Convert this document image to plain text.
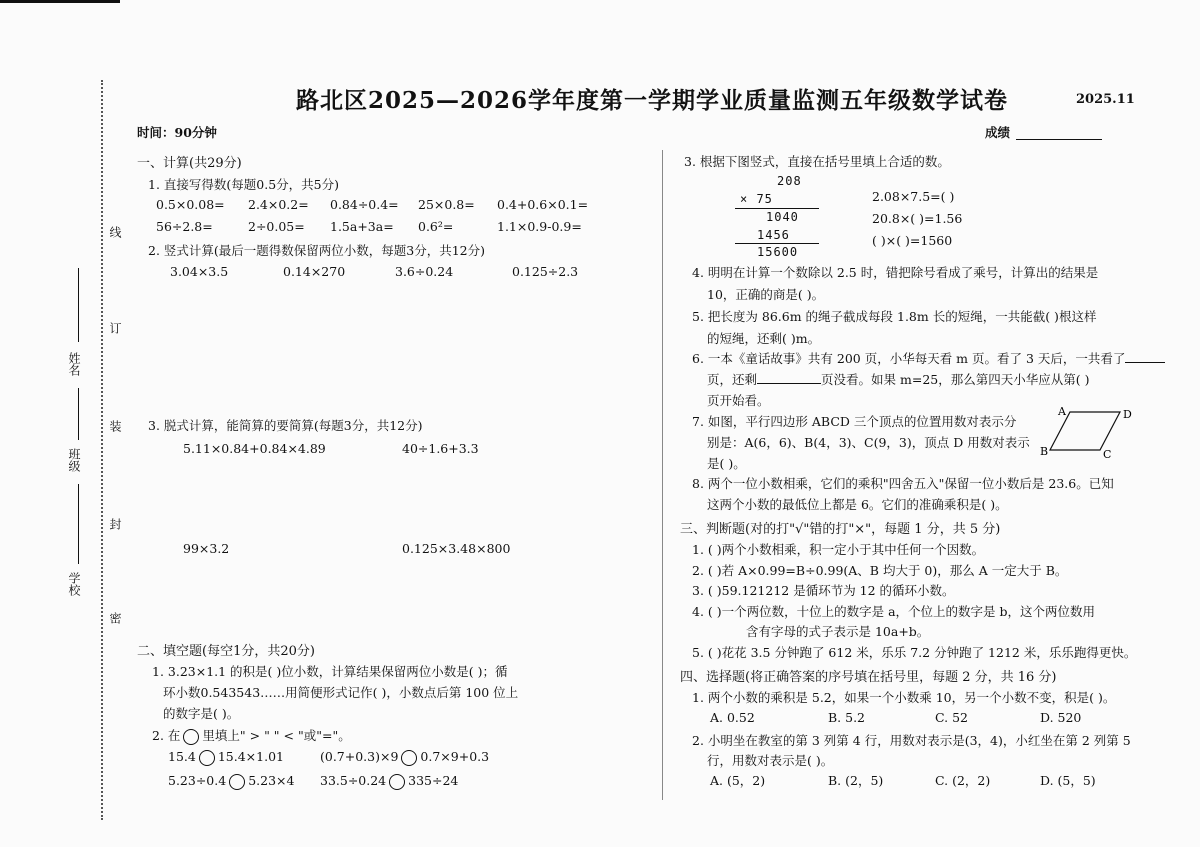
线
订
装
封
密
姓名
班级
学校
路北区2025—2026学年度第一学期学业质量监测五年级数学试卷	2025.11
时间：90分钟	成绩
一、计算(共29分)
1. 直接写得数(每题0.5分，共5分)
0.5×0.08= 2.4×0.2= 0.84÷0.4= 25×0.8= 0.4+0.6×0.1=
56÷2.8=	2÷0.05= 1.5a+3a= 0.6²=	1.1×0.9-0.9=
2. 竖式计算(最后一题得数保留两位小数，每题3分，共12分)
3.04×3.5	0.14×270	3.6÷0.24	0.125÷2.3
3. 脱式计算，能简算的要简算(每题3分，共12分)
5.11×0.84+0.84×4.89	40÷1.6+3.3
99×3.2	0.125×3.48×800
二、填空题(每空1分，共20分)
1. 3.23×1.1 的积是( )位小数，计算结果保留两位小数是( )；循
环小数0.543543……用简便形式记作( )，小数点后第 100 位上
的数字是( )。
2. 在 里填上" > " " < "或"="。
15.4 15.4×1.01	(0.7+0.3)×9 0.7×9+0.3
5.23÷0.4 5.23×4 33.5÷0.24 335÷24
3. 根据下图竖式，直接在括号里填上合适的数。
208
× 75
1040
1456
15600
2.08×7.5=( )
20.8×( )=1.56
( )×( )=1560
4. 明明在计算一个数除以 2.5 时，错把除号看成了乘号，计算出的结果是
10，正确的商是( )。
5. 把长度为 86.6m 的绳子截成每段 1.8m 长的短绳，一共能截( )根这样
的短绳，还剩( )m。
6. 一本《童话故事》共有 200 页，小华每天看 m 页。看了 3 天后，一共看了
页，还剩	页没看。如果 m=25，那么第四天小华应从第( )
页开始看。
7. 如图，平行四边形 ABCD 三个顶点的位置用数对表示分
别是：A(6，6)、B(4，3)、C(9，3)，顶点 D 用数对表示
是( )。
A	D
B	C
8. 两个一位小数相乘，它们的乘积"四舍五入"保留一位小数后是 23.6。已知
这两个小数的最低位上都是 6。它们的准确乘积是( )。
三、判断题(对的打"√"错的打"×"，每题 1 分，共 5 分)
1. ( )两个小数相乘，积一定小于其中任何一个因数。
2. ( )若 A×0.99=B÷0.99(A、B 均大于 0)，那么 A 一定大于 B。
3. ( )59.121212 是循环节为 12 的循环小数。
4. ( )一个两位数，十位上的数字是 a，个位上的数字是 b，这个两位数用
含有字母的式子表示是 10a+b。
5. ( )花花 3.5 分钟跑了 612 米，乐乐 7.2 分钟跑了 1212 米，乐乐跑得更快。
四、选择题(将正确答案的序号填在括号里，每题 2 分，共 16 分)
1. 两个小数的乘积是 5.2，如果一个小数乘 10，另一个小数不变，积是( )。
A. 0.52	B. 5.2	C. 52	D. 520
2. 小明坐在教室的第 3 列第 4 行，用数对表示是(3，4)，小红坐在第 2 列第 5
行，用数对表示是( )。
A. (5，2)	B. (2，5)	C. (2，2)	D. (5，5)
